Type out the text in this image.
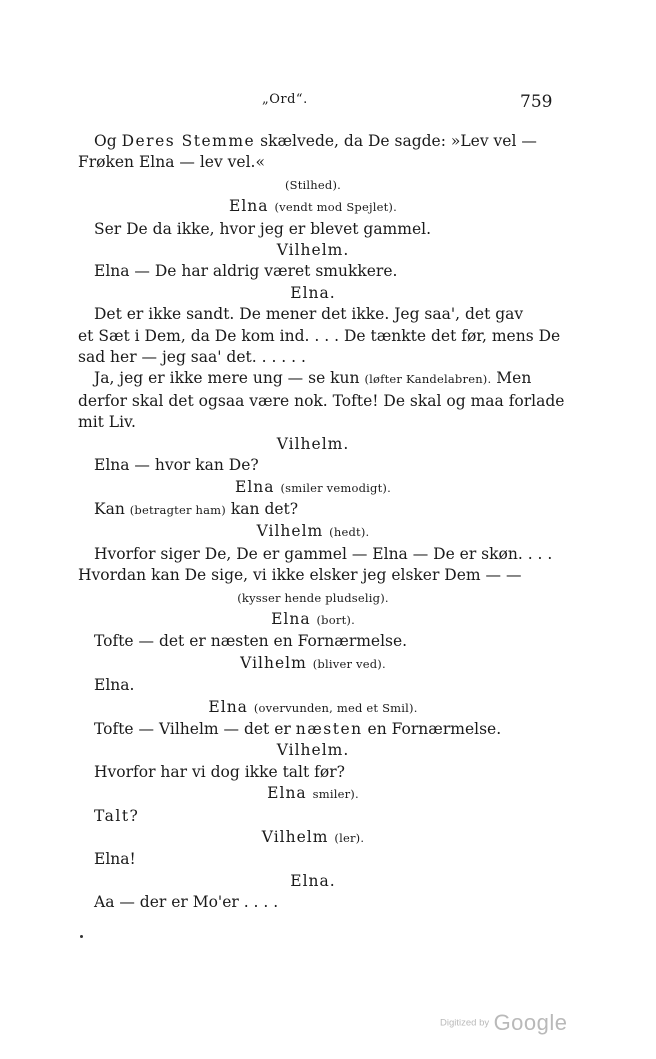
„Ord“.	759
Og Deres Stemme skælvede, da De sagde: »Lev vel —
Frøken Elna — lev vel.«
(Stilhed).
Elna (vendt mod Spejlet).
Ser De da ikke, hvor jeg er blevet gammel.
Vilhelm.
Elna — De har aldrig været smukkere.
Elna.
Det er ikke sandt. De mener det ikke. Jeg saa', det gav
et Sæt i Dem, da De kom ind. . . . De tænkte det før, mens De
sad her — jeg saa' det. . . . . .
Ja, jeg er ikke mere ung — se kun (løfter Kandelabren). Men
derfor skal det ogsaa være nok. Tofte! De skal og maa forlade
mit Liv.
Vilhelm.
Elna — hvor kan De?
Elna (smiler vemodigt).
Kan (betragter ham) kan det?
Vilhelm (hedt).
Hvorfor siger De, De er gammel — Elna — De er skøn. . . .
Hvordan kan De sige, vi ikke elsker jeg elsker Dem — —
(kysser hende pludselig).
Elna (bort).
Tofte — det er næsten en Fornærmelse.
Vilhelm (bliver ved).
Elna.
Elna (overvunden, med et Smil).
Tofte — Vilhelm — det er næsten en Fornærmelse.
Vilhelm.
Hvorfor har vi dog ikke talt før?
Elna smiler).
Talt?
Vilhelm (ler).
Elna!
Elna.
Aa — der er Mo'er . . . .
Digitized by Google
